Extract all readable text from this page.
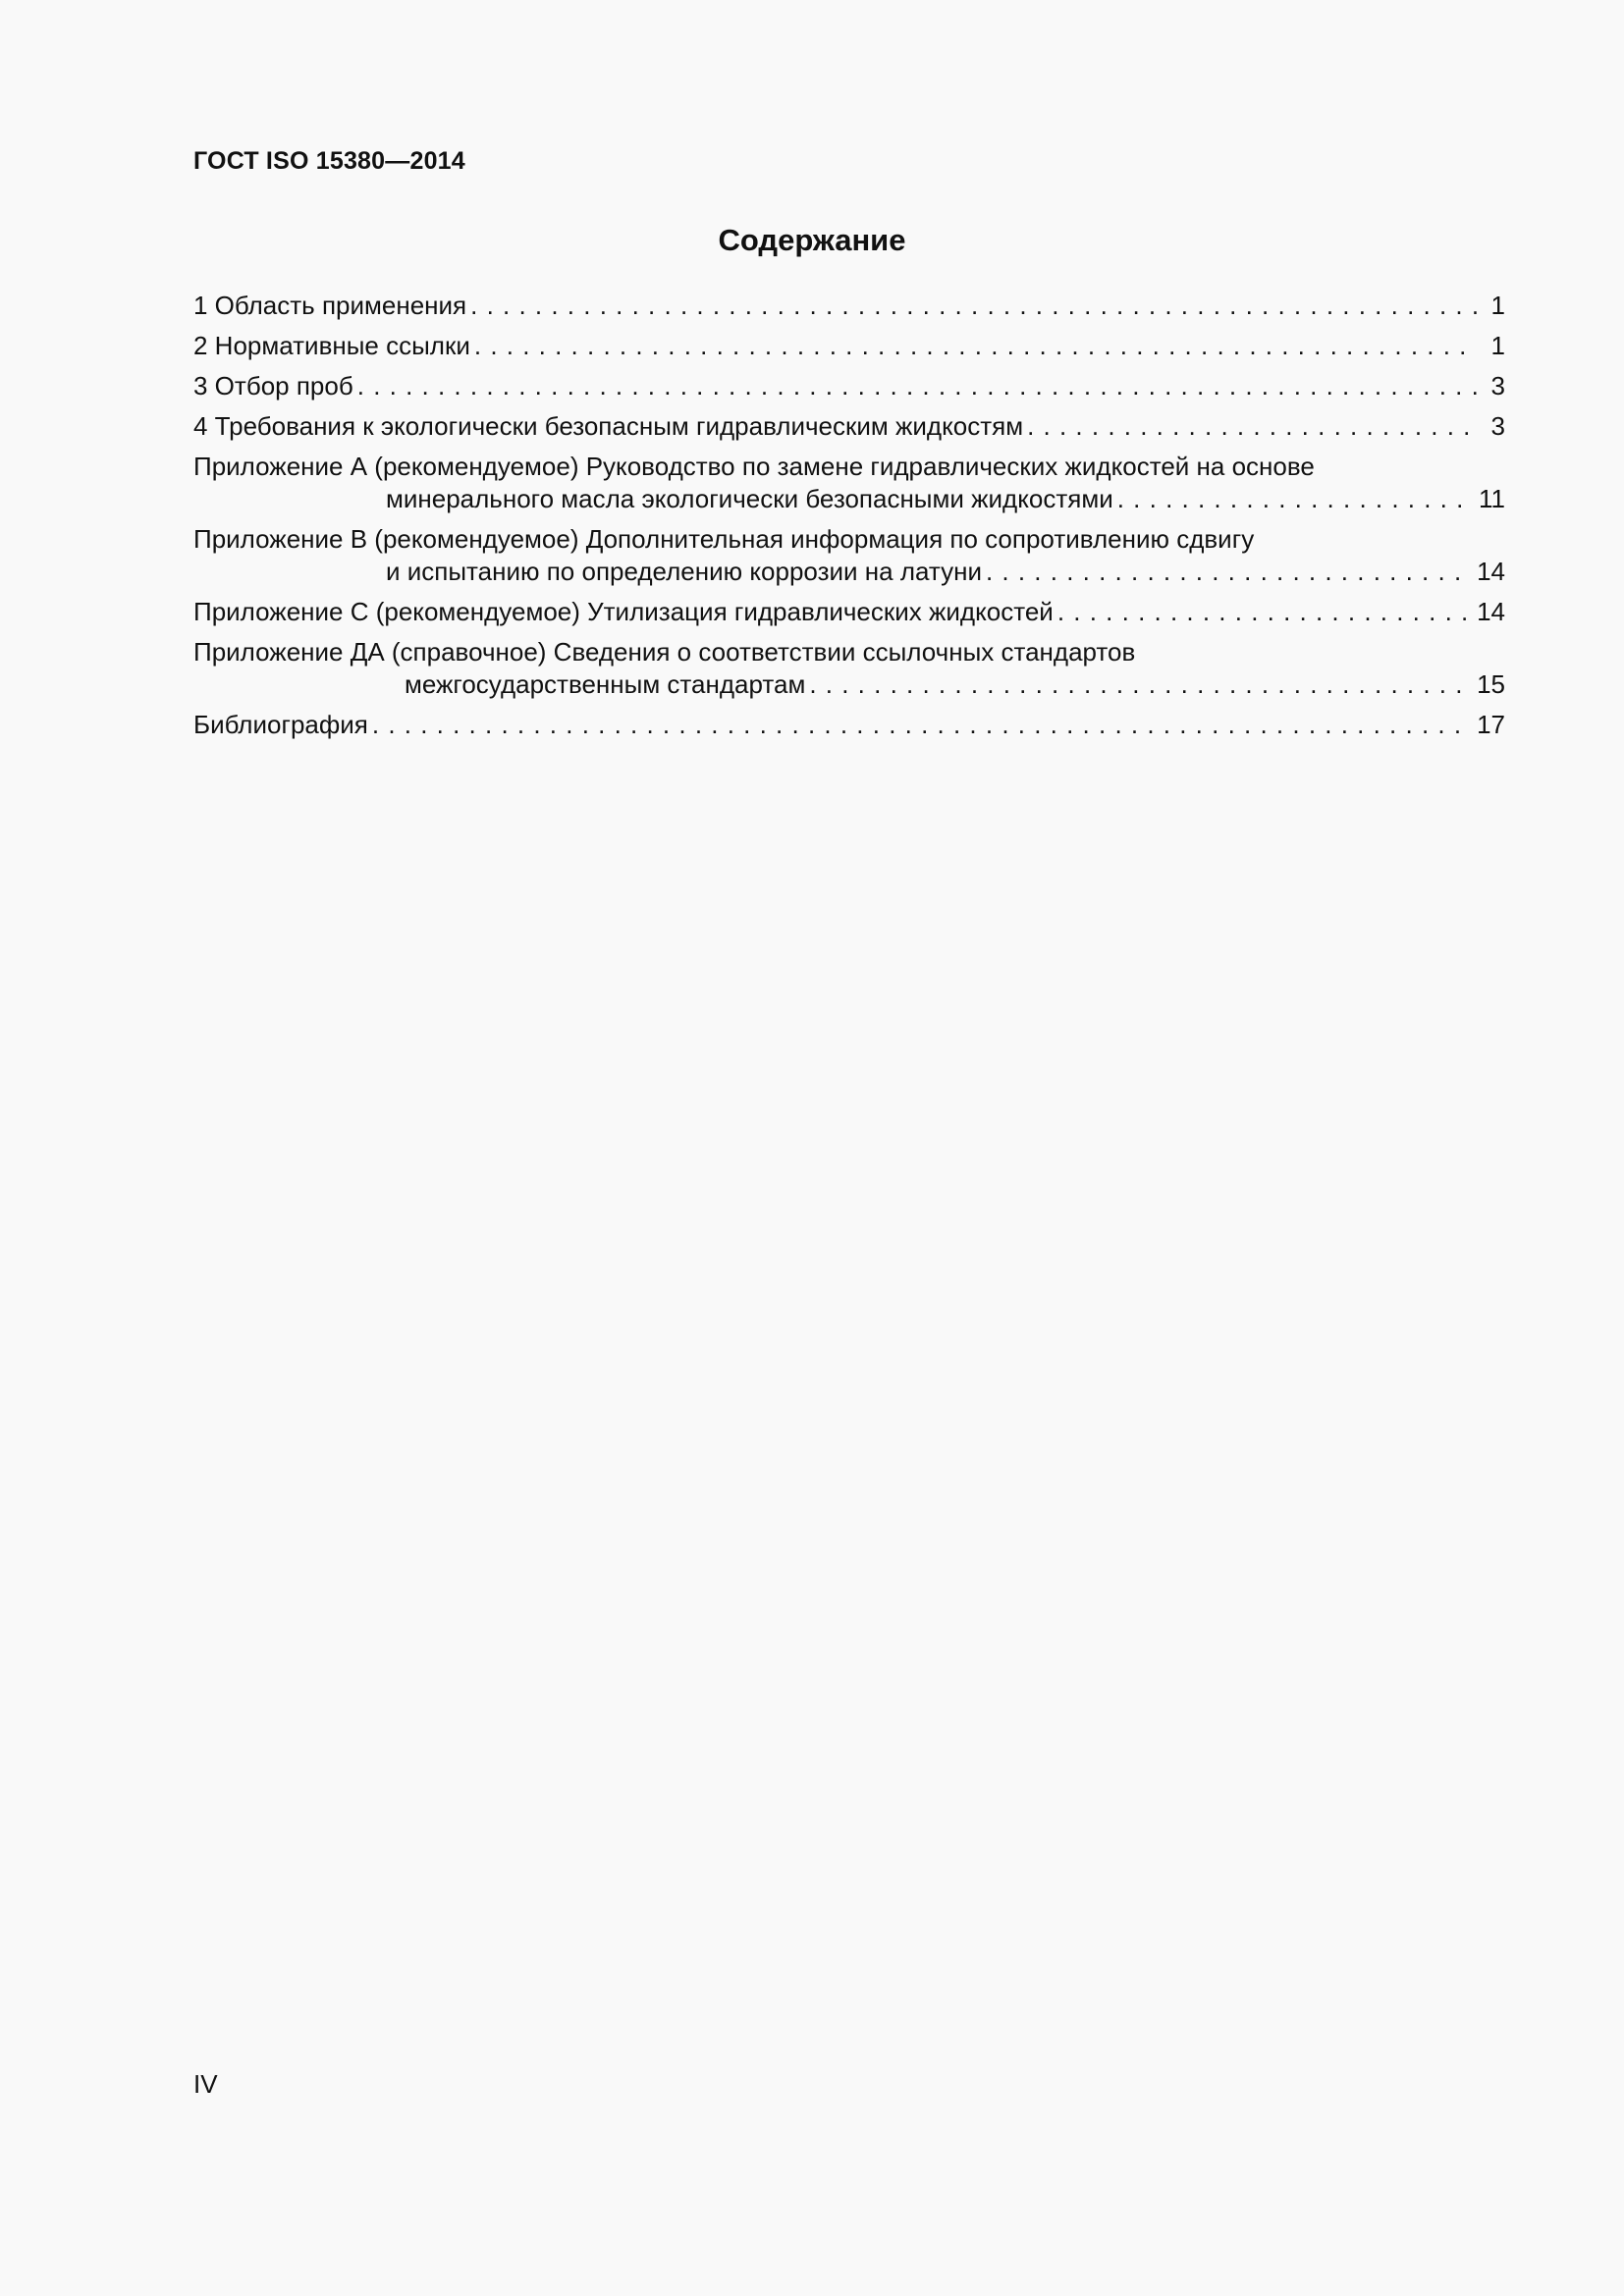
ГОСТ ISO 15380—2014
Содержание
1 Область применения . . .	1
2 Нормативные ссылки . . .	1
3 Отбор проб . . .	3
4 Требования к экологически безопасным гидравлическим жидкостям . . .	3
Приложение А (рекомендуемое) Руководство по замене гидравлических жидкостей на основе
минерального масла экологически безопасными жидкостями . . .	11
Приложение В (рекомендуемое) Дополнительная информация по сопротивлению сдвигу
и испытанию по определению коррозии на латуни . . .	14
Приложение С (рекомендуемое) Утилизация гидравлических жидкостей . . .	14
Приложение ДА (справочное) Сведения о соответствии ссылочных стандартов
межгосударственным стандартам . . .	15
Библиография . . .	17
IV
